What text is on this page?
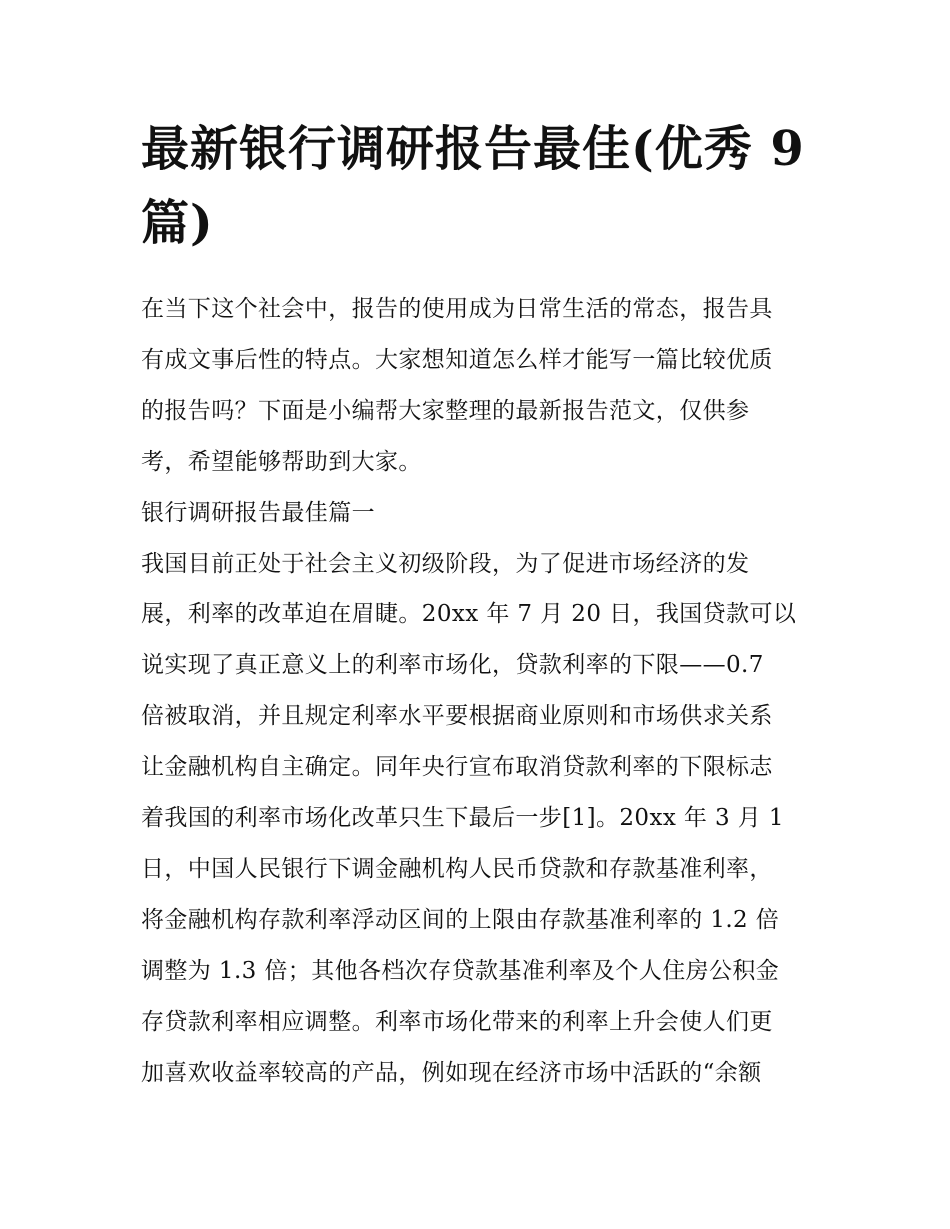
最新银行调研报告最佳(优秀 9
篇)
在当下这个社会中，报告的使用成为日常生活的常态，报告具
有成文事后性的特点。大家想知道怎么样才能写一篇比较优质
的报告吗？下面是小编帮大家整理的最新报告范文，仅供参
考，希望能够帮助到大家。
银行调研报告最佳篇一
我国目前正处于社会主义初级阶段，为了促进市场经济的发
展，利率的改革迫在眉睫。20xx 年 7 月 20 日，我国贷款可以
说实现了真正意义上的利率市场化，贷款利率的下限——0.7
倍被取消，并且规定利率水平要根据商业原则和市场供求关系
让金融机构自主确定。同年央行宣布取消贷款利率的下限标志
着我国的利率市场化改革只生下最后一步[1]。20xx 年 3 月 1
日，中国人民银行下调金融机构人民币贷款和存款基准利率，
将金融机构存款利率浮动区间的上限由存款基准利率的 1.2 倍
调整为 1.3 倍；其他各档次存贷款基准利率及个人住房公积金
存贷款利率相应调整。利率市场化带来的利率上升会使人们更
加喜欢收益率较高的产品，例如现在经济市场中活跃的“余额
